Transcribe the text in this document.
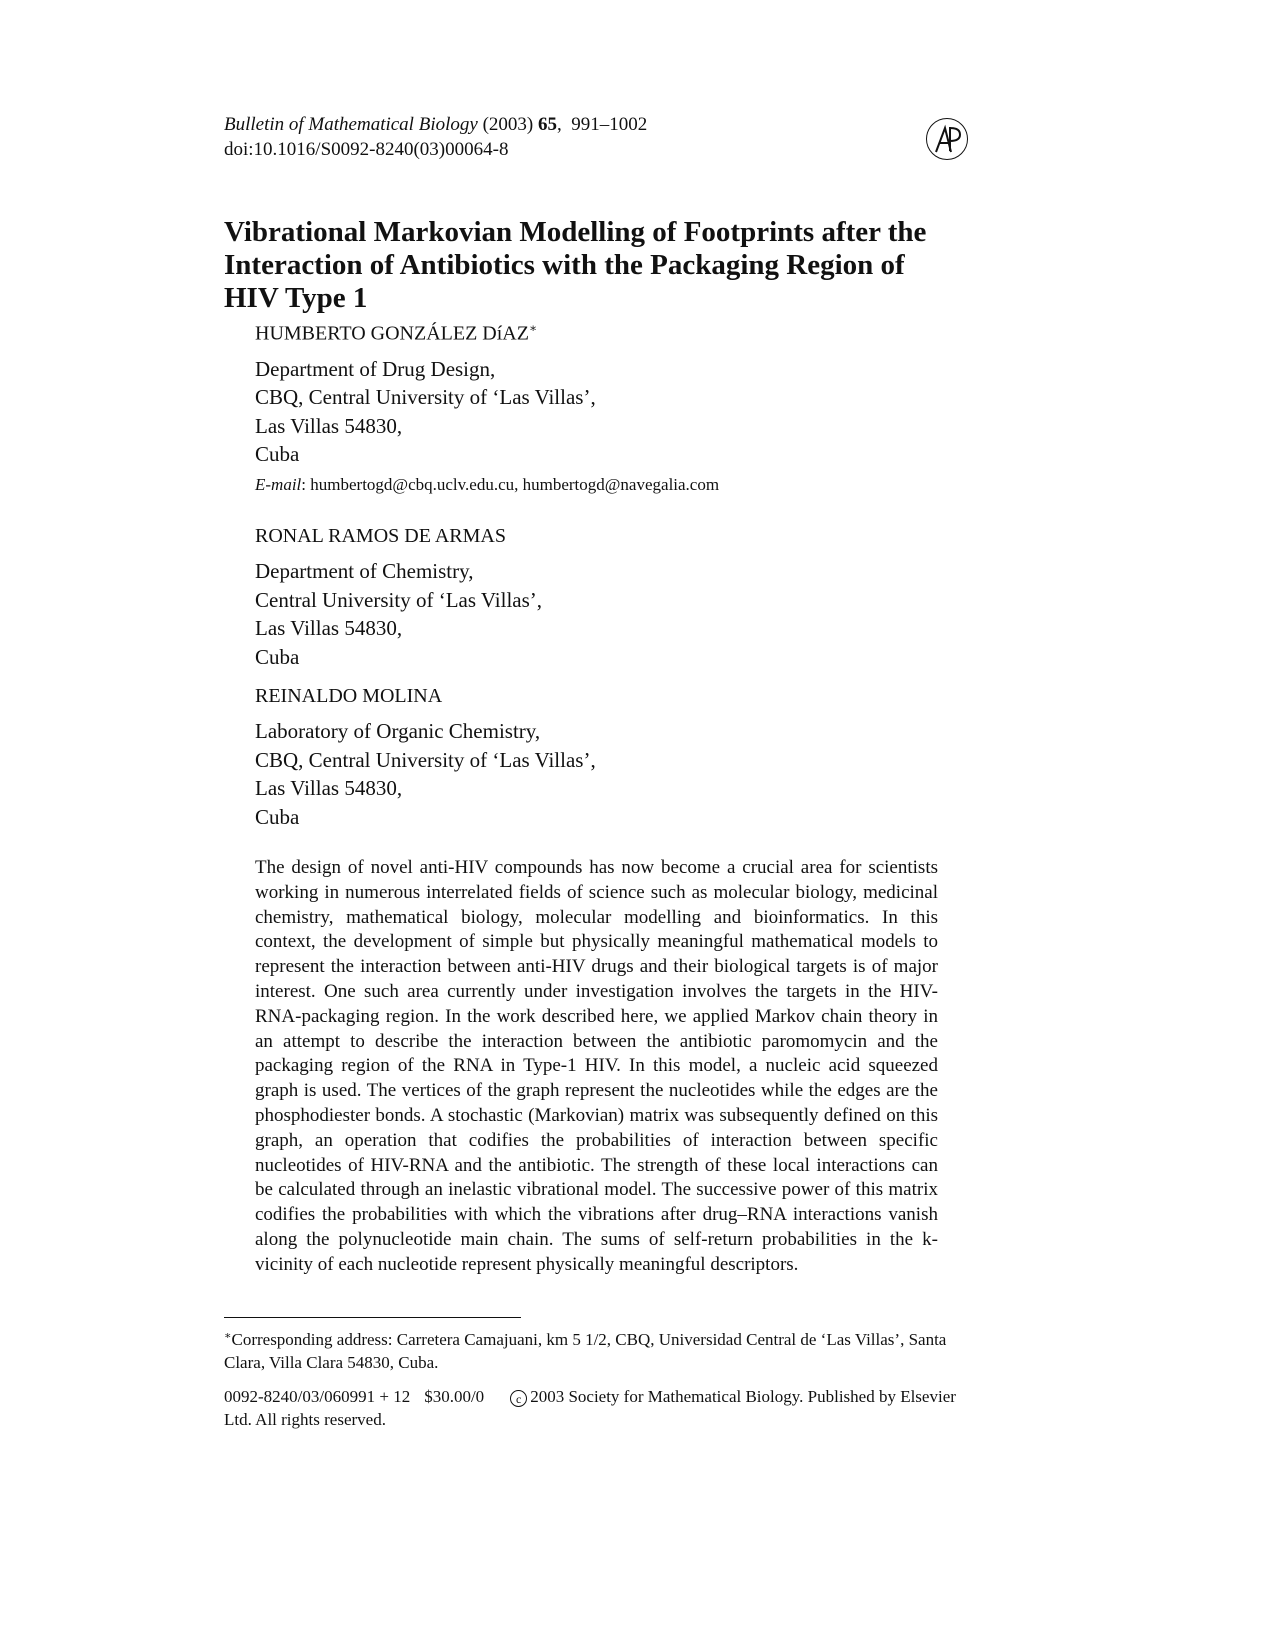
Bulletin of Mathematical Biology (2003) 65,  991–1002
doi:10.1016/S0092-8240(03)00064-8
Vibrational Markovian Modelling of Footprints after the
Interaction of Antibiotics with the Packaging Region of
HIV Type 1
HUMBERTO GONZÁLEZ DíAZ∗
Department of Drug Design,
CBQ, Central University of ‘Las Villas’,
Las Villas 54830,
Cuba
E-mail: humbertogd@cbq.uclv.edu.cu, humbertogd@navegalia.com
RONAL RAMOS DE ARMAS
Department of Chemistry,
Central University of ‘Las Villas’,
Las Villas 54830,
Cuba
REINALDO MOLINA
Laboratory of Organic Chemistry,
CBQ, Central University of ‘Las Villas’,
Las Villas 54830,
Cuba

The design of novel anti-HIV compounds has now become a crucial area for scientists working in numerous interrelated fields of science such as molecular biology, medicinal chemistry, mathematical biology, molecular modelling and bioinformatics. In this context, the development of simple but physically meaningful mathematical models to represent the interaction between anti-HIV drugs and their biological targets is of major interest. One such area currently under investigation involves the targets in the HIV-RNA-packaging region. In the work described here, we applied Markov chain theory in an attempt to describe the interaction between the antibiotic paromomycin and the packaging region of the RNA in Type-1 HIV. In this model, a nucleic acid squeezed graph is used. The vertices of the graph represent the nucleotides while the edges are the phosphodiester bonds. A stochastic (Markovian) matrix was subsequently defined on this graph, an operation that codifies the probabilities of interaction between specific nucleotides of HIV-RNA and the antibiotic. The strength of these local interactions can be calculated through an inelastic vibrational model. The successive power of this matrix codifies the probabilities with which the vibrations after drug–RNA interactions vanish along the polynucleotide main chain. The sums of self-return probabilities in the k-vicinity of each nucleotide represent physically meaningful descriptors.

∗Corresponding address: Carretera Camajuani, km 5 1/2, CBQ, Universidad Central de ‘Las Villas’, Santa Clara, Villa Clara 54830, Cuba.
0092-8240/03/060991 + 12 $30.00/0	c 2003 Society for Mathematical Biology. Published by Elsevier Ltd. All rights reserved.
